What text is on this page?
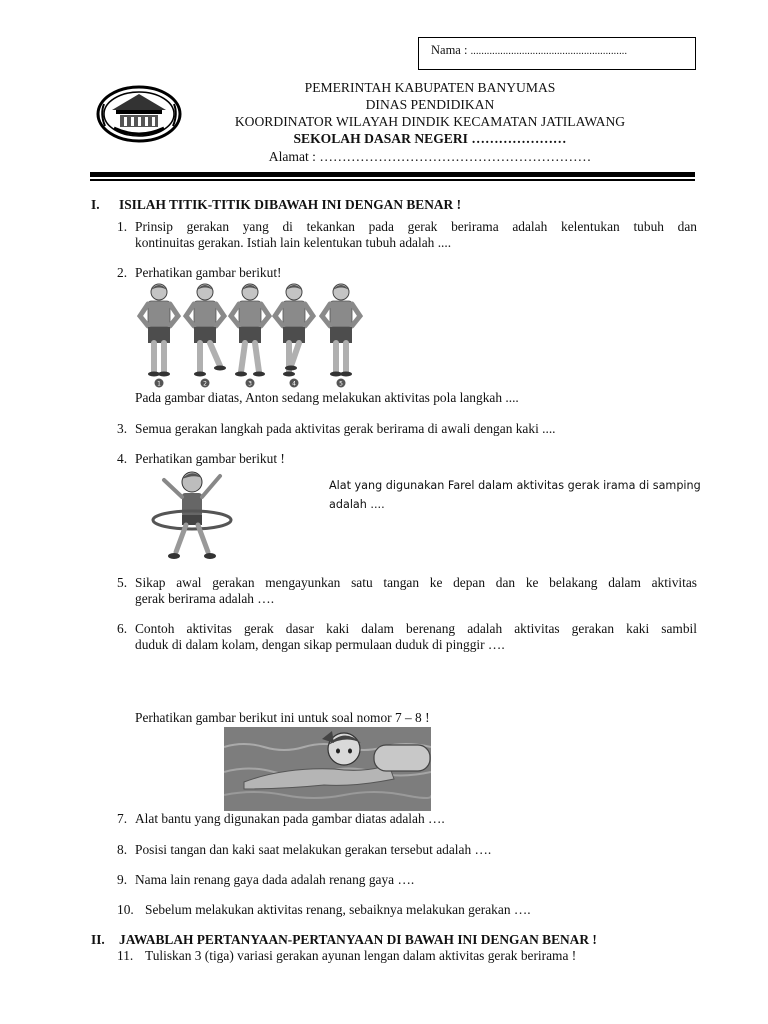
Nama : ..........................................................
PEMERINTAH KABUPATEN BANYUMAS
DINAS PENDIDIKAN
KOORDINATOR WILAYAH DINDIK KECAMATAN JATILAWANG
SEKOLAH DASAR NEGERI …………………
Alamat : ……………………………………………………
I. ISILAH TITIK-TITIK DIBAWAH INI DENGAN BENAR !
1. Prinsip gerakan yang di tekankan pada gerak berirama adalah kelentukan tubuh dan
kontinuitas gerakan. Istiah lain kelentukan tubuh adalah ....
2. Perhatikan gambar berikut!
1	2	3	4	5
Pada gambar diatas, Anton sedang melakukan aktivitas pola langkah ....
3. Semua gerakan langkah pada aktivitas gerak berirama di awali dengan kaki ....
4. Perhatikan gambar berikut !
Alat yang digunakan Farel dalam aktivitas gerak irama di samping
adalah ....
5. Sikap awal gerakan mengayunkan satu tangan ke depan dan ke belakang dalam aktivitas
gerak berirama adalah ….
6. Contoh aktivitas gerak dasar kaki dalam berenang adalah aktivitas gerakan kaki sambil
duduk di dalam kolam, dengan sikap permulaan duduk di pinggir ….
Perhatikan gambar berikut ini untuk soal nomor 7 – 8 !
7. Alat bantu yang digunakan pada gambar diatas adalah ….
8. Posisi tangan dan kaki saat melakukan gerakan tersebut adalah ….
9. Nama lain renang gaya dada adalah renang gaya ….
10. Sebelum melakukan aktivitas renang, sebaiknya melakukan gerakan ….
II. JAWABLAH PERTANYAAN-PERTANYAAN DI BAWAH INI DENGAN BENAR !
11. Tuliskan 3 (tiga) variasi gerakan ayunan lengan dalam aktivitas gerak berirama !
